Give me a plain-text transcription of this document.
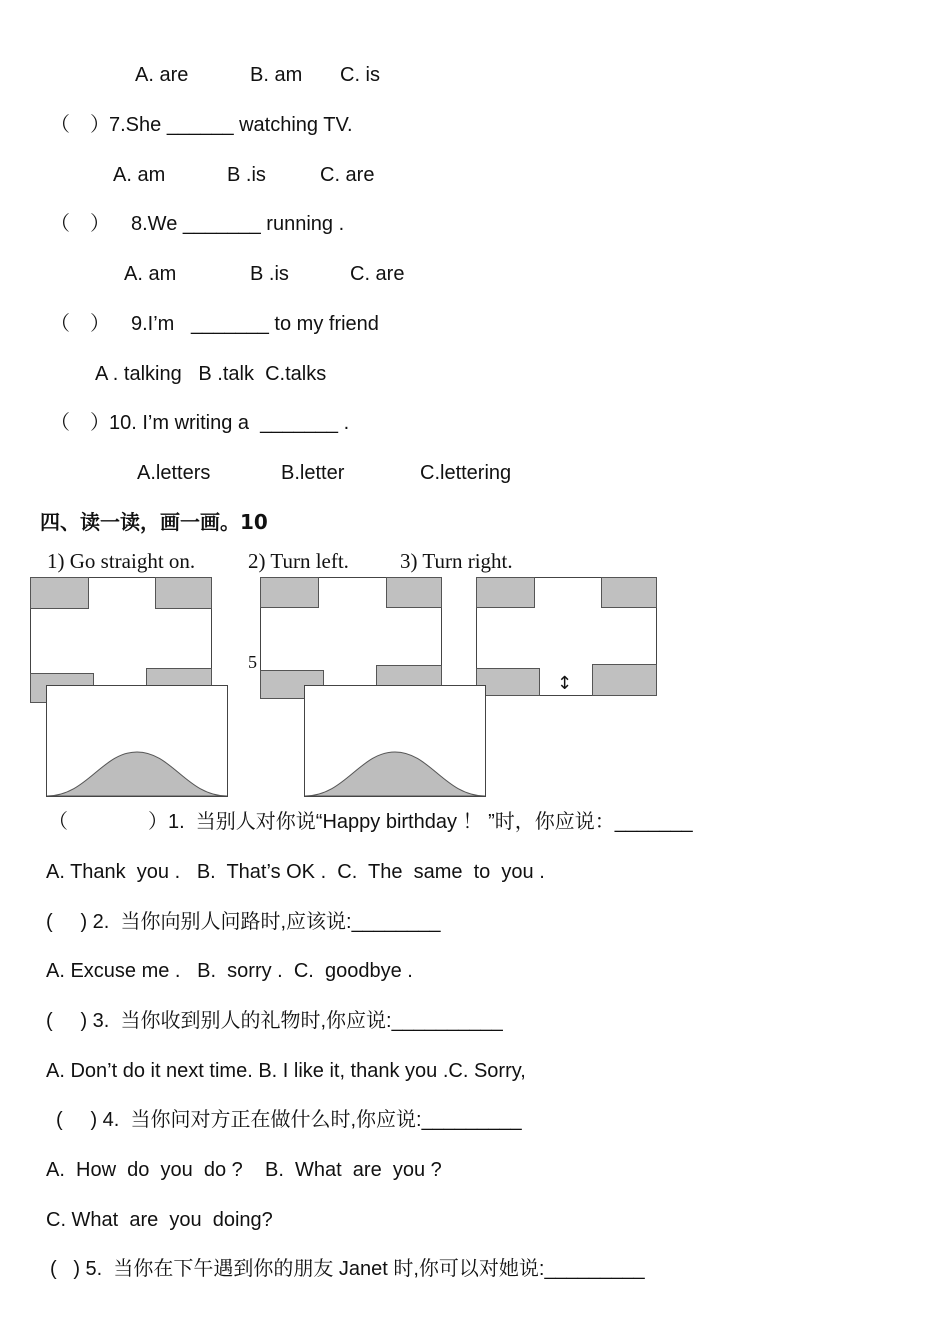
A. are	B. am C. is
（　） 7.She ______ watching TV.
A. am	B .is	C. are
（　） 8.We _______ running .
A. am	B .is	C. are
（　） 9.I’m   _______ to my friend
A . talking   B .talk  C.talks
（　） 10. I’m writing a  _______ .
A.letters	B.letter	C.lettering
四、读一读，画一画。10
1) Go straight on.	2) Turn left. 3) Turn right.
5
↕
（　　　　）1.  当别人对你说“Happy birthday ！ ”时，你应说：_______
A. Thank  you .   B.  That’s OK .  C.  The  same  to  you .
(     ) 2.  当你向别人问路时,应该说:________
A. Excuse me .   B.  sorry .  C.  goodbye .
(     ) 3.  当你收到别人的礼物时,你应说:__________
A. Don’t do it next time. B. I like it, thank you .C. Sorry,
(     ) 4.  当你问对方正在做什么时,你应说:_________
A.  How  do  you  do ?    B.  What  are  you ?
C. What  are  you  doing?
(   ) 5.  当你在下午遇到你的朋友 Janet 时,你可以对她说:_________
